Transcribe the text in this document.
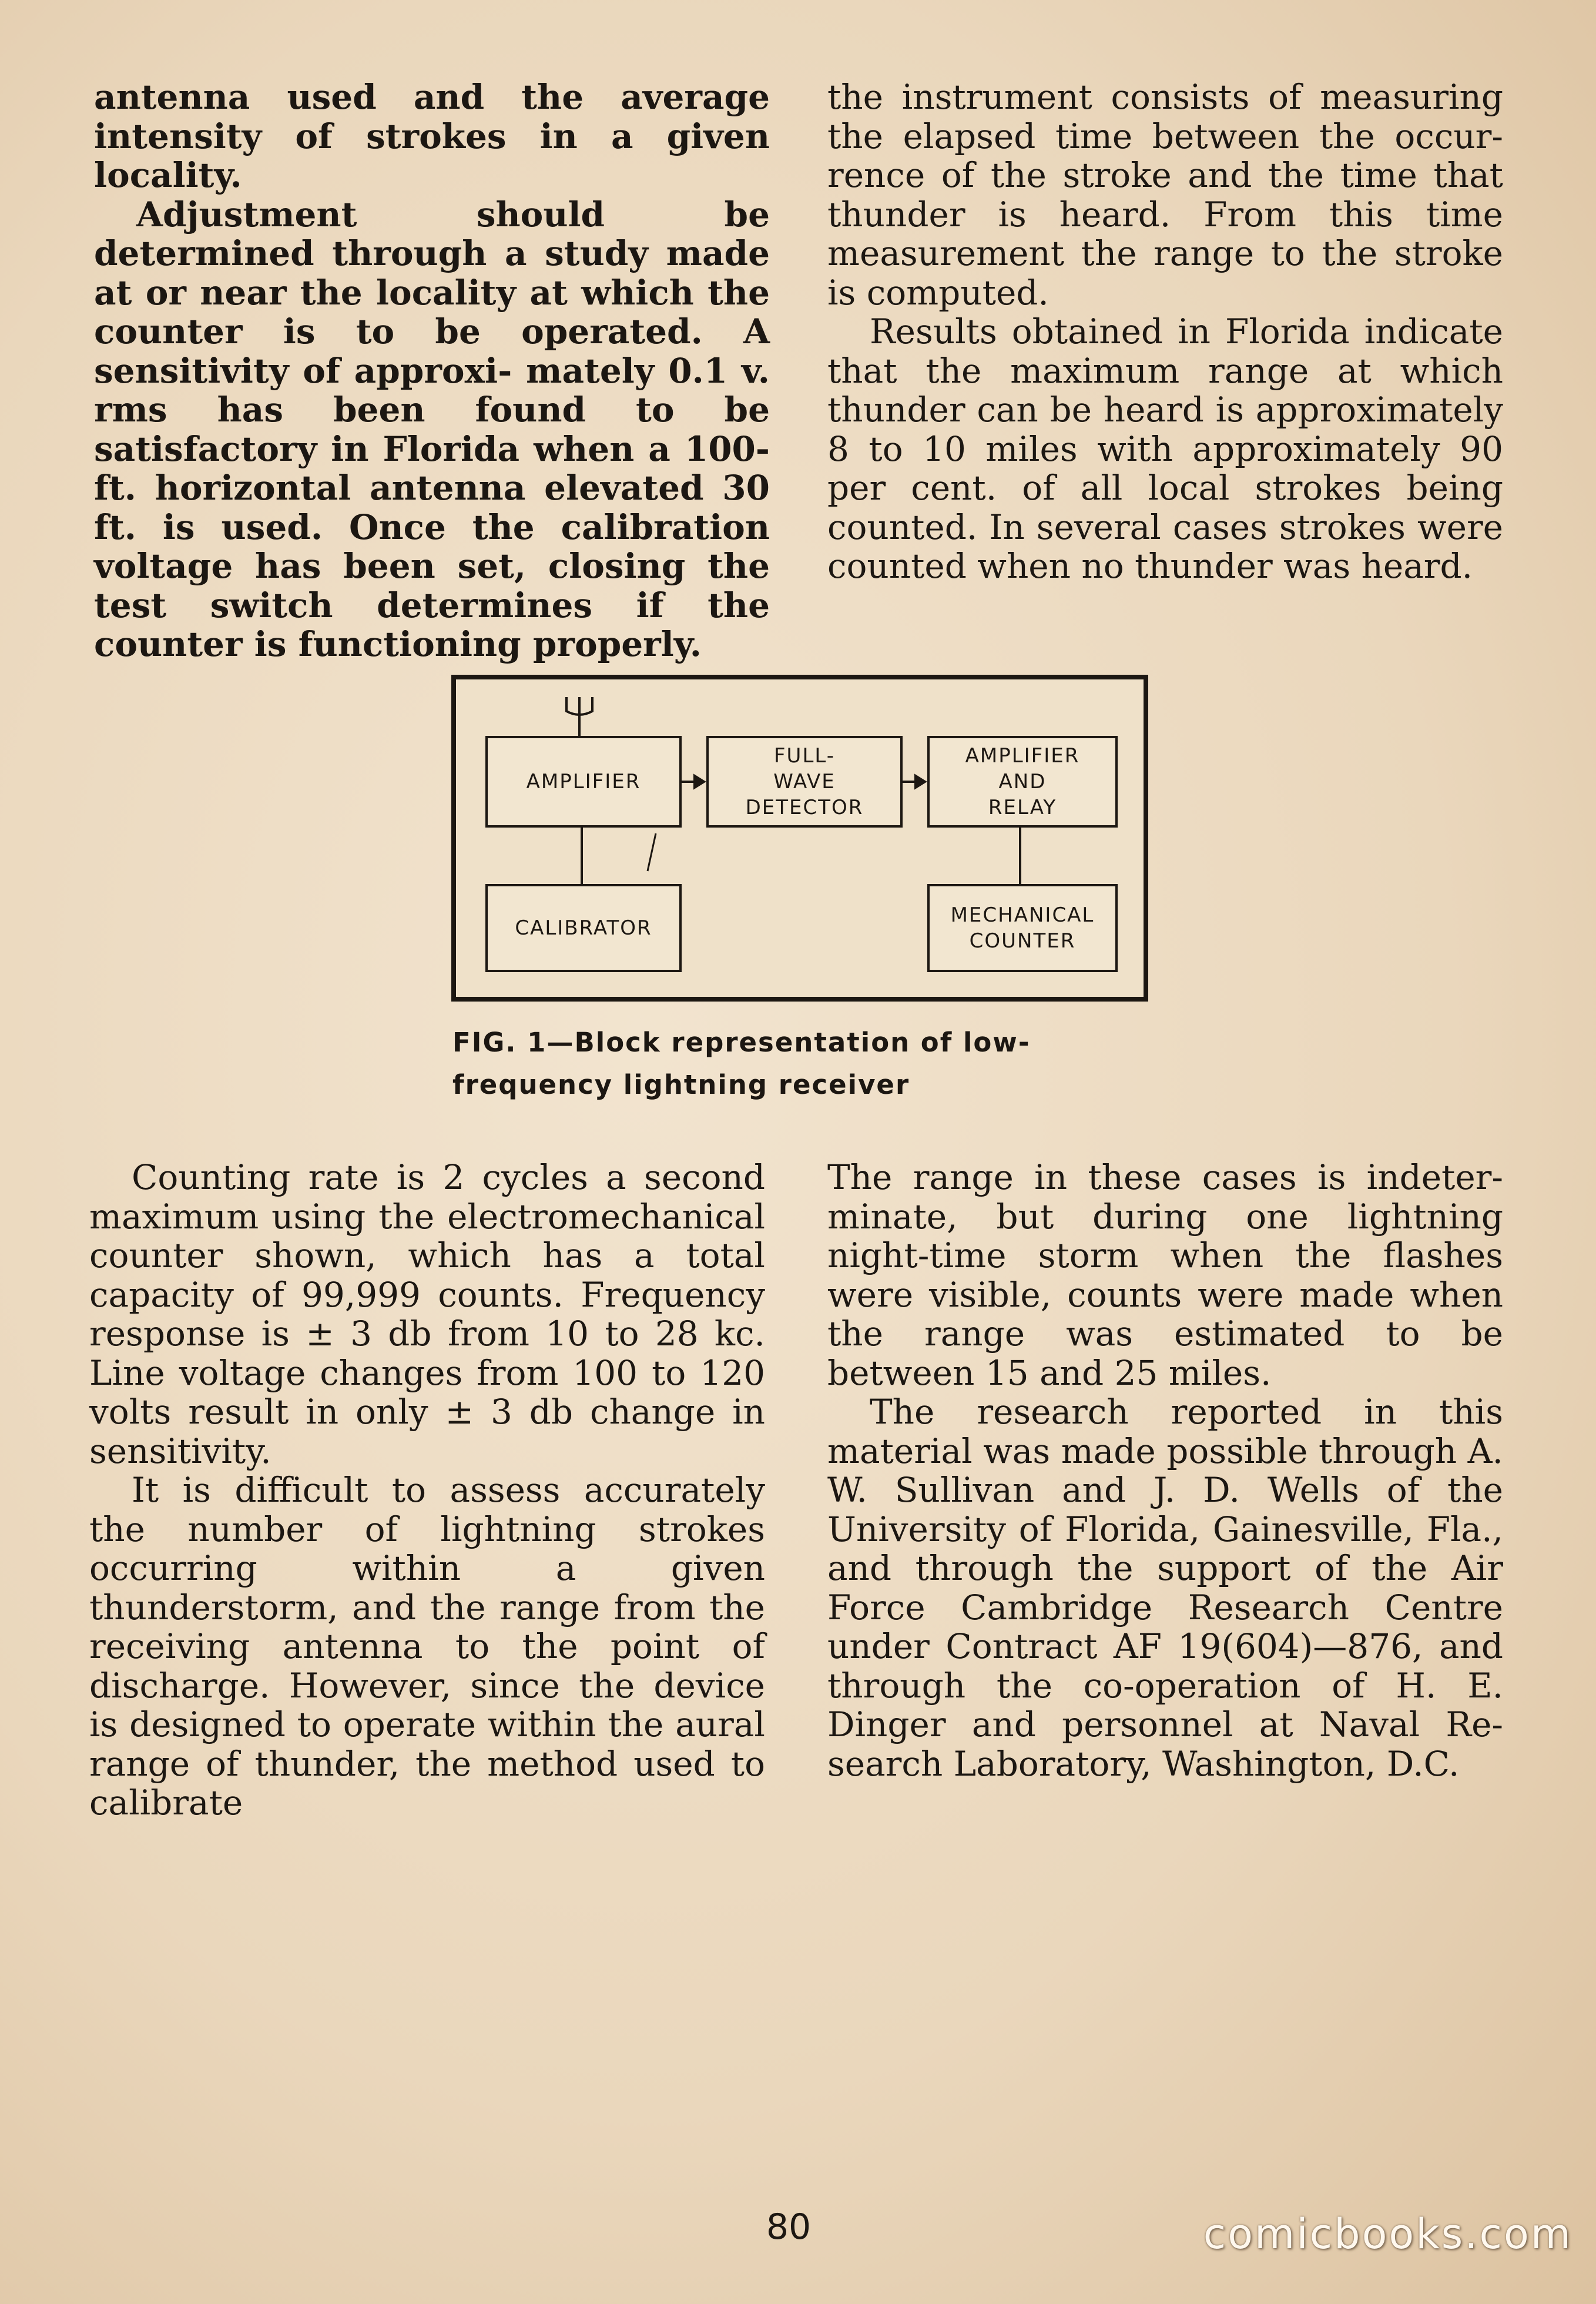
antenna used and the average intensity of strokes in a given locality.

Adjustment should be determined through a study made at or near the locality at which the counter is to be operated. A sensitivity of approxi- mately 0.1 v. rms has been found to be satisfactory in Florida when a 100-ft. horizontal antenna elevated 30 ft. is used. Once the calibration voltage has been set, closing the test switch determines if the counter is functioning properly.

the instrument consists of measuring the elapsed time between the occur- rence of the stroke and the time that thunder is heard. From this time measurement the range to the stroke is computed.

Results obtained in Florida indicate that the maximum range at which thunder can be heard is approximately 8 to 10 miles with approximately 90 per cent. of all local strokes being counted. In several cases strokes were counted when no thunder was heard.

AMPLIFIER
FULL-
WAVE
DETECTOR
AMPLIFIER
AND
RELAY
CALIBRATOR
MECHANICAL
COUNTER
FIG. 1—Block representation of low-
frequency lightning receiver

Counting rate is 2 cycles a second maximum using the electromechanical counter shown, which has a total capacity of 99,999 counts. Frequency response is ± 3 db from 10 to 28 kc. Line voltage changes from 100 to 120 volts result in only ± 3 db change in sensitivity.

It is difficult to assess accurately the number of lightning strokes occurring within a given thunderstorm, and the range from the receiving antenna to the point of discharge. However, since the device is designed to operate within the aural range of thunder, the method used to calibrate

The range in these cases is indeter- minate, but during one lightning night-time storm when the flashes were visible, counts were made when the range was estimated to be between 15 and 25 miles.

The research reported in this material was made possible through A. W. Sullivan and J. D. Wells of the University of Florida, Gainesville, Fla., and through the support of the Air Force Cambridge Research Centre under Contract AF 19(604)—876, and through the co-operation of H. E. Dinger and personnel at Naval Re- search Laboratory, Washington, D.C.

80	comicbooks.com
